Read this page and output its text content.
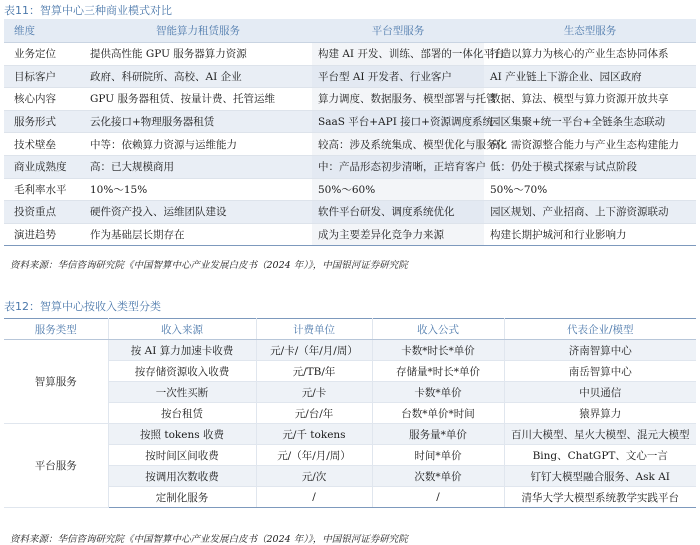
表11：智算中心三种商业模式对比
维度	智能算力租赁服务	平台型服务	生态型服务
业务定位	提供高性能 GPU 服务器算力资源	构建 AI 开发、训练、部署的一体化平台	打造以算力为核心的产业生态协同体系
目标客户	政府、科研院所、高校、AI 企业	平台型 AI 开发者、行业客户	AI 产业链上下游企业、园区政府
核心内容	GPU 服务器租赁、按量计费、托管运维	算力调度、数据服务、模型部署与托管	数据、算法、模型与算力资源开放共享
服务形式	云化接口+物理服务器租赁	SaaS 平台+API 接口+资源调度系统	园区集聚+统一平台+全链条生态联动
技术壁垒	中等：依赖算力资源与运维能力	较高：涉及系统集成、模型优化与服务化	高：需资源整合能力与产业生态构建能力
商业成熟度	高：已大规模商用	中：产品形态初步清晰，正培育客户	低：仍处于模式探索与试点阶段
毛利率水平	10%～15%	50%～60%	50%～70%
投资重点	硬件资产投入、运维团队建设	软件平台研发、调度系统优化	园区规划、产业招商、上下游资源联动
演进趋势	作为基础层长期存在	成为主要差异化竞争力来源	构建长期护城河和行业影响力
资料来源：华信咨询研究院《中国智算中心产业发展白皮书（2024 年）》，中国银河证券研究院
表12：智算中心按收入类型分类
服务类型	收入来源	计费单位	收入公式	代表企业/模型
智算服务	按 AI 算力加速卡收费	元/卡/（年/月/周）	卡数*时长*单价	济南智算中心
	按存储资源收入收费	元/TB/年	存储量*时长*单价	南岳智算中心
	一次性买断	元/卡	卡数*单价	中贝通信
	按台租赁	元/台/年	台数*单价*时间	猿界算力
平台服务	按照 tokens 收费	元/千 tokens	服务量*单价	百川大模型、星火大模型、混元大模型
	按时间区间收费	元/（年/月/周）	时间*单价	Bing、ChatGPT、文心一言
	按调用次数收费	元/次	次数*单价	钉钉大模型融合服务、Ask AI
	定制化服务	/	/	清华大学大模型系统教学实践平台
资料来源：华信咨询研究院《中国智算中心产业发展白皮书（2024 年）》，中国银河证券研究院
